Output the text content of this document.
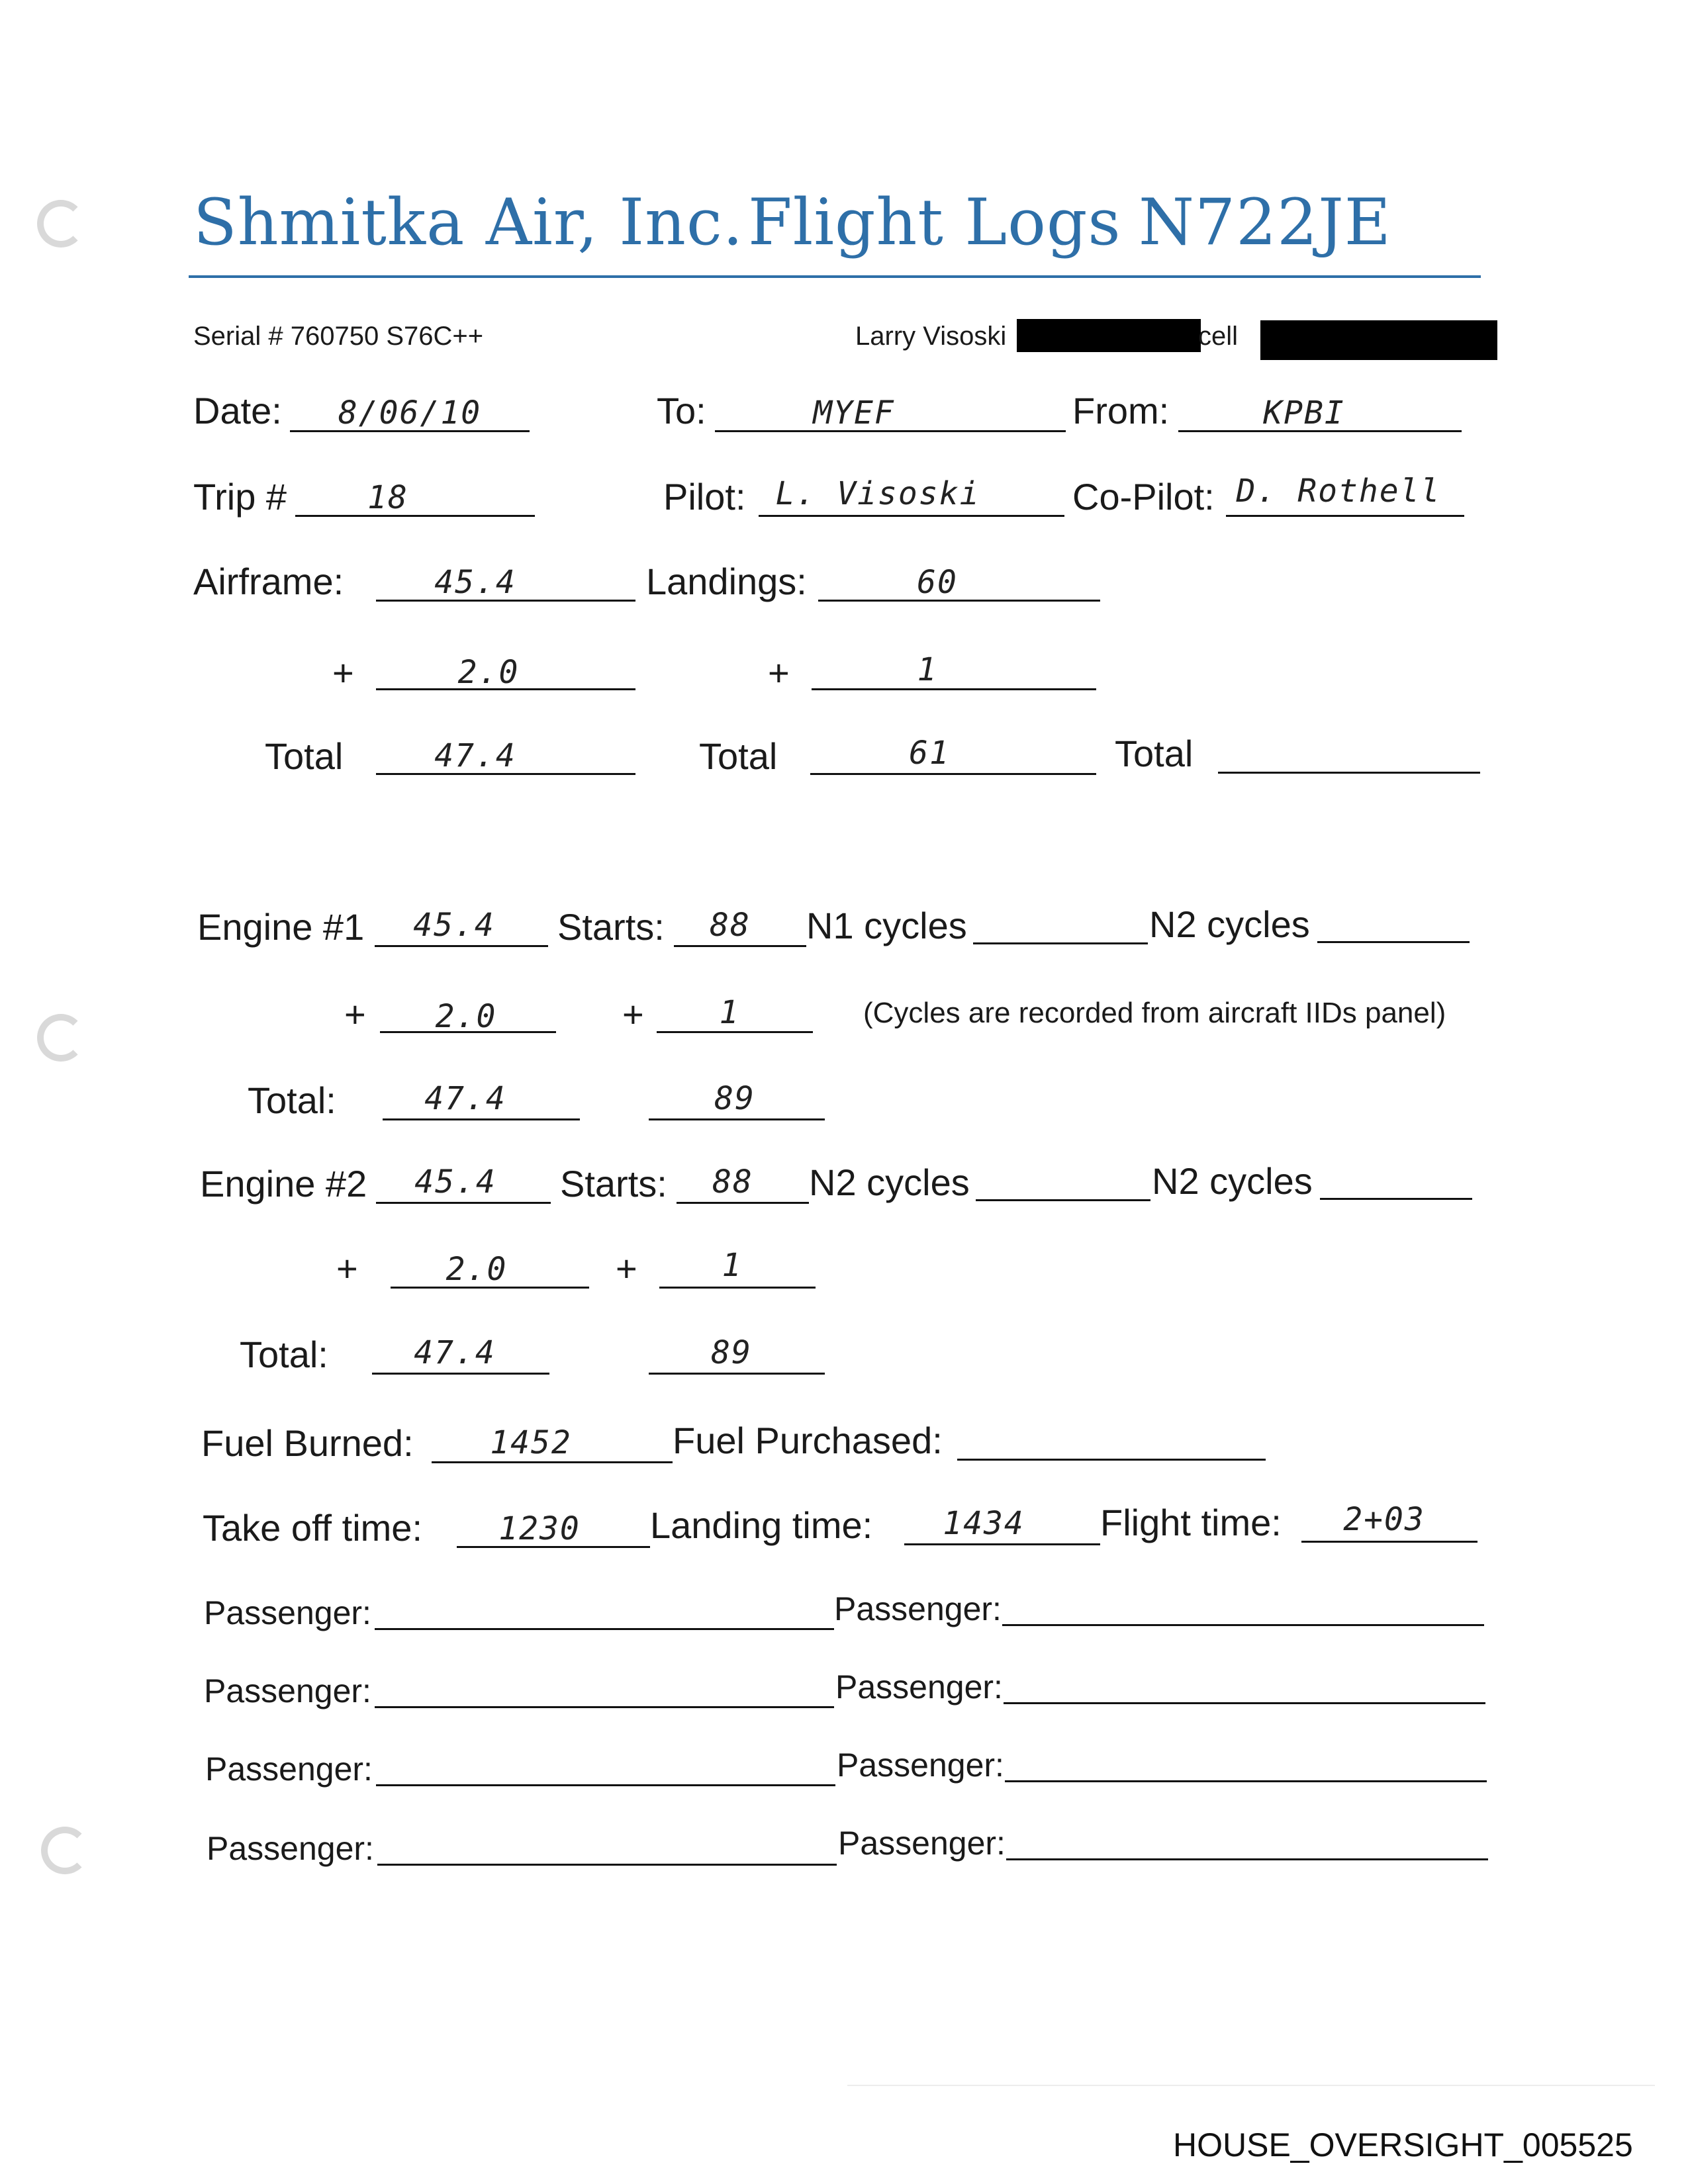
Shmitka Air, Inc. Flight Logs N722JE
Serial # 760750 S76C++	Larry Visoski	cell
Date:	8/06/10	To:	MYEF	From:	KPBI
Trip #	18	Pilot: L. Visoski	Co-Pilot: D. Rothell
Airframe:	45.4	Landings:	60
+	2.0	+	1
Total	47.4	Total	61	Total
Engine #1	45.4	Starts:	88	N1 cycles	N2 cycles
+	2.0	+	1	(Cycles are recorded from aircraft IIDs panel)
Total:	47.4	89
Engine #2	45.4	Starts:	88	N2 cycles	N2 cycles
+	2.0	+	1
Total:	47.4	89
Fuel Burned:	1452	Fuel Purchased:
Take off time:	1230	Landing time:	1434	Flight time:	2+03
Passenger:	Passenger:
Passenger:	Passenger:
Passenger:	Passenger:
Passenger:	Passenger:
HOUSE_OVERSIGHT_005525
